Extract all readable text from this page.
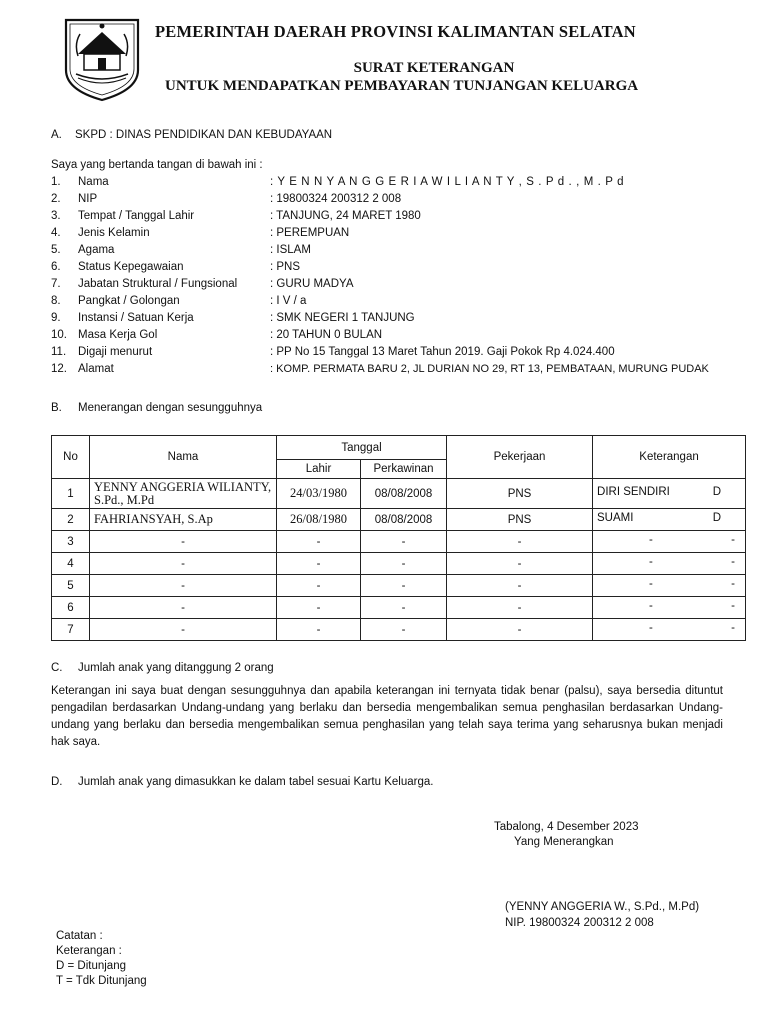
PEMERINTAH DAERAH PROVINSI KALIMANTAN SELATAN
SURAT KETERANGAN
UNTUK MENDAPATKAN PEMBAYARAN TUNJANGAN KELUARGA
A. SKPD : DINAS PENDIDIKAN DAN KEBUDAYAAN
Saya yang bertanda tangan di bawah ini :
1. Nama	: Y E N N Y A N G G E R I A W I L I A N T Y , S . P d . , M . P d
2. NIP	: 19800324 200312 2 008
3. Tempat / Tanggal Lahir	: TANJUNG, 24 MARET 1980
4. Jenis Kelamin	: PEREMPUAN
5. Agama	: ISLAM
6. Status Kepegawaian	: PNS
7. Jabatan Struktural / Fungsional	: GURU MADYA
8. Pangkat / Golongan	: I V / a
9. Instansi / Satuan Kerja	: SMK NEGERI 1 TANJUNG
10. Masa Kerja Gol	: 20 TAHUN 0 BULAN
11. Digaji menurut	: PP No 15 Tanggal 13 Maret Tahun 2019. Gaji Pokok Rp 4.024.400
12. Alamat	: KOMP. PERMATA BARU 2, JL DURIAN NO 29, RT 13, PEMBATAAN, MURUNG PUDAK
B. Menerangan dengan sesungguhnya
No	Nama	Tanggal		Pekerjaan	Keterangan
		Lahir	Perkawinan		
1	YENNY ANGGERIA WILIANTY, S.Pd., M.Pd	24/03/1980	08/08/2008	PNS	DIRI SENDIRI D

2	FAHRIANSYAH, S.Ap	26/08/1980	08/08/2008	PNS	SUAMI D

3	-	-	-	-	- -

4	-	-	-	-	- -

5	-	-	-	-	- -

6	-	-	-	-	- -

7	-	-	-	-	- -
C. Jumlah anak yang ditanggung 2 orang
Keterangan ini saya buat dengan sesungguhnya dan apabila keterangan ini ternyata tidak benar (palsu), saya bersedia dituntut pengadilan berdasarkan Undang-undang yang berlaku dan bersedia mengembalikan semua penghasilan berdasarkan Undang-undang yang berlaku dan bersedia mengembalikan semua penghasilan yang telah saya terima yang seharusnya bukan menjadi hak saya.
D. Jumlah anak yang dimasukkan ke dalam tabel sesuai Kartu Keluarga.
Tabalong, 4 Desember 2023
Yang Menerangkan
(YENNY ANGGERIA W., S.Pd., M.Pd)
NIP. 19800324 200312 2 008
Catatan :
Keterangan :
D = Ditunjang
T = Tdk Ditunjang
